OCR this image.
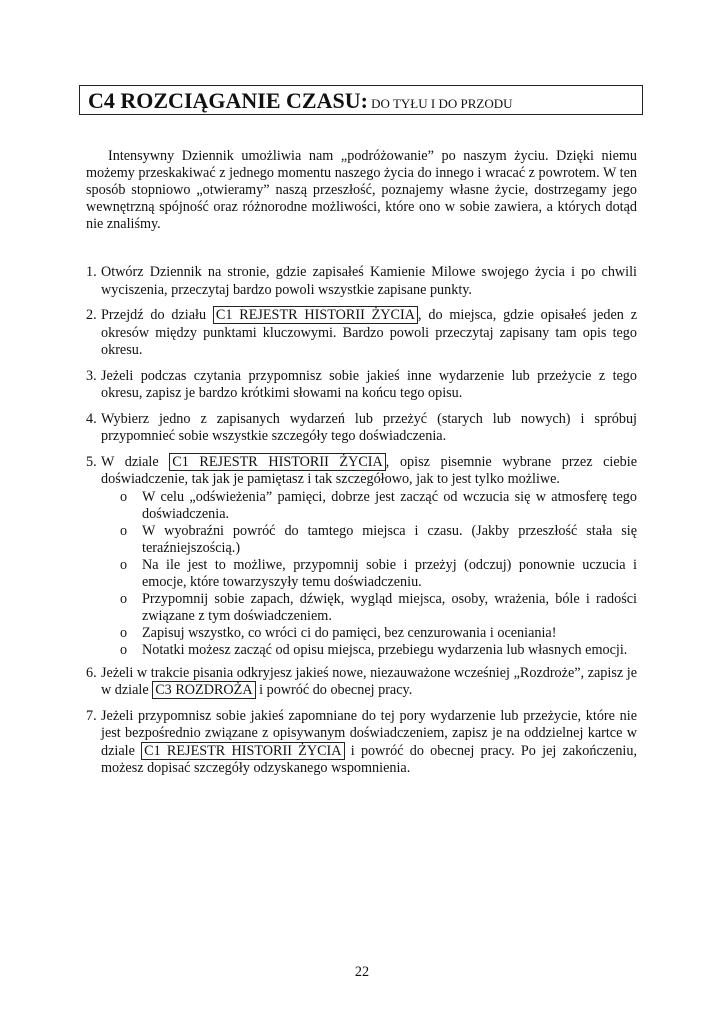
C4 ROZCIĄGANIE CZASU: DO TYŁU I DO PRZODU

Intensywny Dziennik umożliwia nam „podróżowanie” po naszym życiu. Dzięki niemu możemy przeskakiwać z jednego momentu naszego życia do innego i wracać z powrotem. W ten sposób stopniowo „otwieramy” naszą przeszłość, poznajemy własne życie, dostrzegamy jego wewnętrzną spójność oraz różnorodne możliwości, które ono w sobie zawiera, a których dotąd nie znaliśmy.

1. Otwórz Dziennik na stronie, gdzie zapisałeś Kamienie Milowe swojego życia i po chwili wyciszenia, przeczytaj bardzo powoli wszystkie zapisane punkty.
2. Przejdź do działu C1 REJESTR HISTORII ŻYCIA , do miejsca, gdzie opisałeś jeden z okresów między punktami kluczowymi. Bardzo powoli przeczytaj zapisany tam opis tego okresu.
3. Jeżeli podczas czytania przypomnisz sobie jakieś inne wydarzenie lub przeżycie z tego okresu, zapisz je bardzo krótkimi słowami na końcu tego opisu.
4. Wybierz jedno z zapisanych wydarzeń lub przeżyć (starych lub nowych) i spróbuj przypomnieć sobie wszystkie szczegóły tego doświadczenia.
5. W dziale C1 REJESTR HISTORII ŻYCIA , opisz pisemnie wybrane przez ciebie doświadczenie, tak jak je pamiętasz i tak szczegółowo, jak to jest tylko możliwe.
o W celu „odświeżenia” pamięci, dobrze jest zacząć od wczucia się w atmosferę tego doświadczenia.
o W wyobraźni powróć do tamtego miejsca i czasu. (Jakby przeszłość stała się teraźniejszością.)
o Na ile jest to możliwe, przypomnij sobie i przeżyj (odczuj) ponownie uczucia i emocje, które towarzyszyły temu doświadczeniu.
o Przypomnij sobie zapach, dźwięk, wygląd miejsca, osoby, wrażenia, bóle i radości związane z tym doświadczeniem.
o Zapisuj wszystko, co wróci ci do pamięci, bez cenzurowania i oceniania!
o Notatki możesz zacząć od opisu miejsca, przebiegu wydarzenia lub własnych emocji.
6. Jeżeli w trakcie pisania odkryjesz jakieś nowe, niezauważone wcześniej „Rozdroże”, zapisz je w dziale C3 ROZDROŻA i powróć do obecnej pracy.
7. Jeżeli przypomnisz sobie jakieś zapomniane do tej pory wydarzenie lub przeżycie, które nie jest bezpośrednio związane z opisywanym doświadczeniem, zapisz je na oddzielnej kartce w dziale C1 REJESTR HISTORII ŻYCIA i powróć do obecnej pracy. Po jej zakończeniu, możesz dopisać szczegóły odzyskanego wspomnienia.
22
